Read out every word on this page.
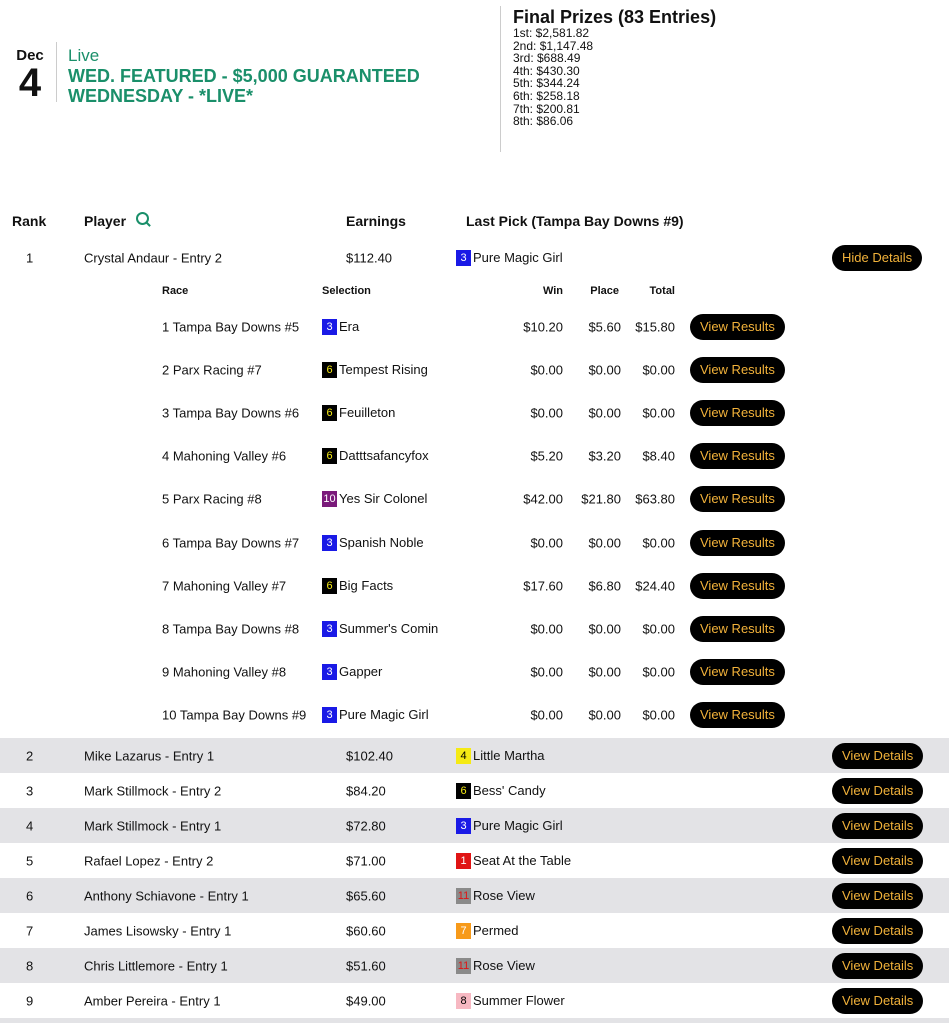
Dec
4
Live
WED. FEATURED - $5,000 GUARANTEED
WEDNESDAY - *LIVE*
Final Prizes (83 Entries)
1st: $2,581.82
2nd: $1,147.48
3rd: $688.49
4th: $430.30
5th: $344.24
6th: $258.18
7th: $200.81
8th: $86.06
Rank	Player	Earnings	Last Pick (Tampa Bay Downs #9)
1	Crystal Andaur - Entry 2	$112.40	3 Pure Magic Girl	Hide Details
Race	Selection	Win Place	Total
1 Tampa Bay Downs #5	3 Era	$10.20 $5.60 $15.80	View Results
2 Parx Racing #7	6 Tempest Rising	$0.00 $0.00 $0.00	View Results
3 Tampa Bay Downs #6	6 Feuilleton	$0.00 $0.00 $0.00	View Results
4 Mahoning Valley #6	6 Datttsafancyfox	$5.20 $3.20 $8.40	View Results
5 Parx Racing #8	10 Yes Sir Colonel	$42.00 $21.80 $63.80	View Results
6 Tampa Bay Downs #7	3 Spanish Noble	$0.00 $0.00 $0.00	View Results
7 Mahoning Valley #7	6 Big Facts	$17.60 $6.80 $24.40	View Results
8 Tampa Bay Downs #8	3 Summer's Comin	$0.00 $0.00 $0.00	View Results
9 Mahoning Valley #8	3 Gapper	$0.00 $0.00 $0.00	View Results
10 Tampa Bay Downs #9	3 Pure Magic Girl	$0.00 $0.00 $0.00	View Results
2	Mike Lazarus - Entry 1	$102.40	4 Little Martha	View Details
3	Mark Stillmock - Entry 2	$84.20	6 Bess' Candy	View Details
4	Mark Stillmock - Entry 1	$72.80	3 Pure Magic Girl	View Details
5	Rafael Lopez - Entry 2	$71.00	1 Seat At the Table	View Details
6	Anthony Schiavone - Entry 1	$65.60	11 Rose View	View Details
7	James Lisowsky - Entry 1	$60.60	7 Permed	View Details
8	Chris Littlemore - Entry 1	$51.60	11 Rose View	View Details
9	Amber Pereira - Entry 1	$49.00	8 Summer Flower	View Details
